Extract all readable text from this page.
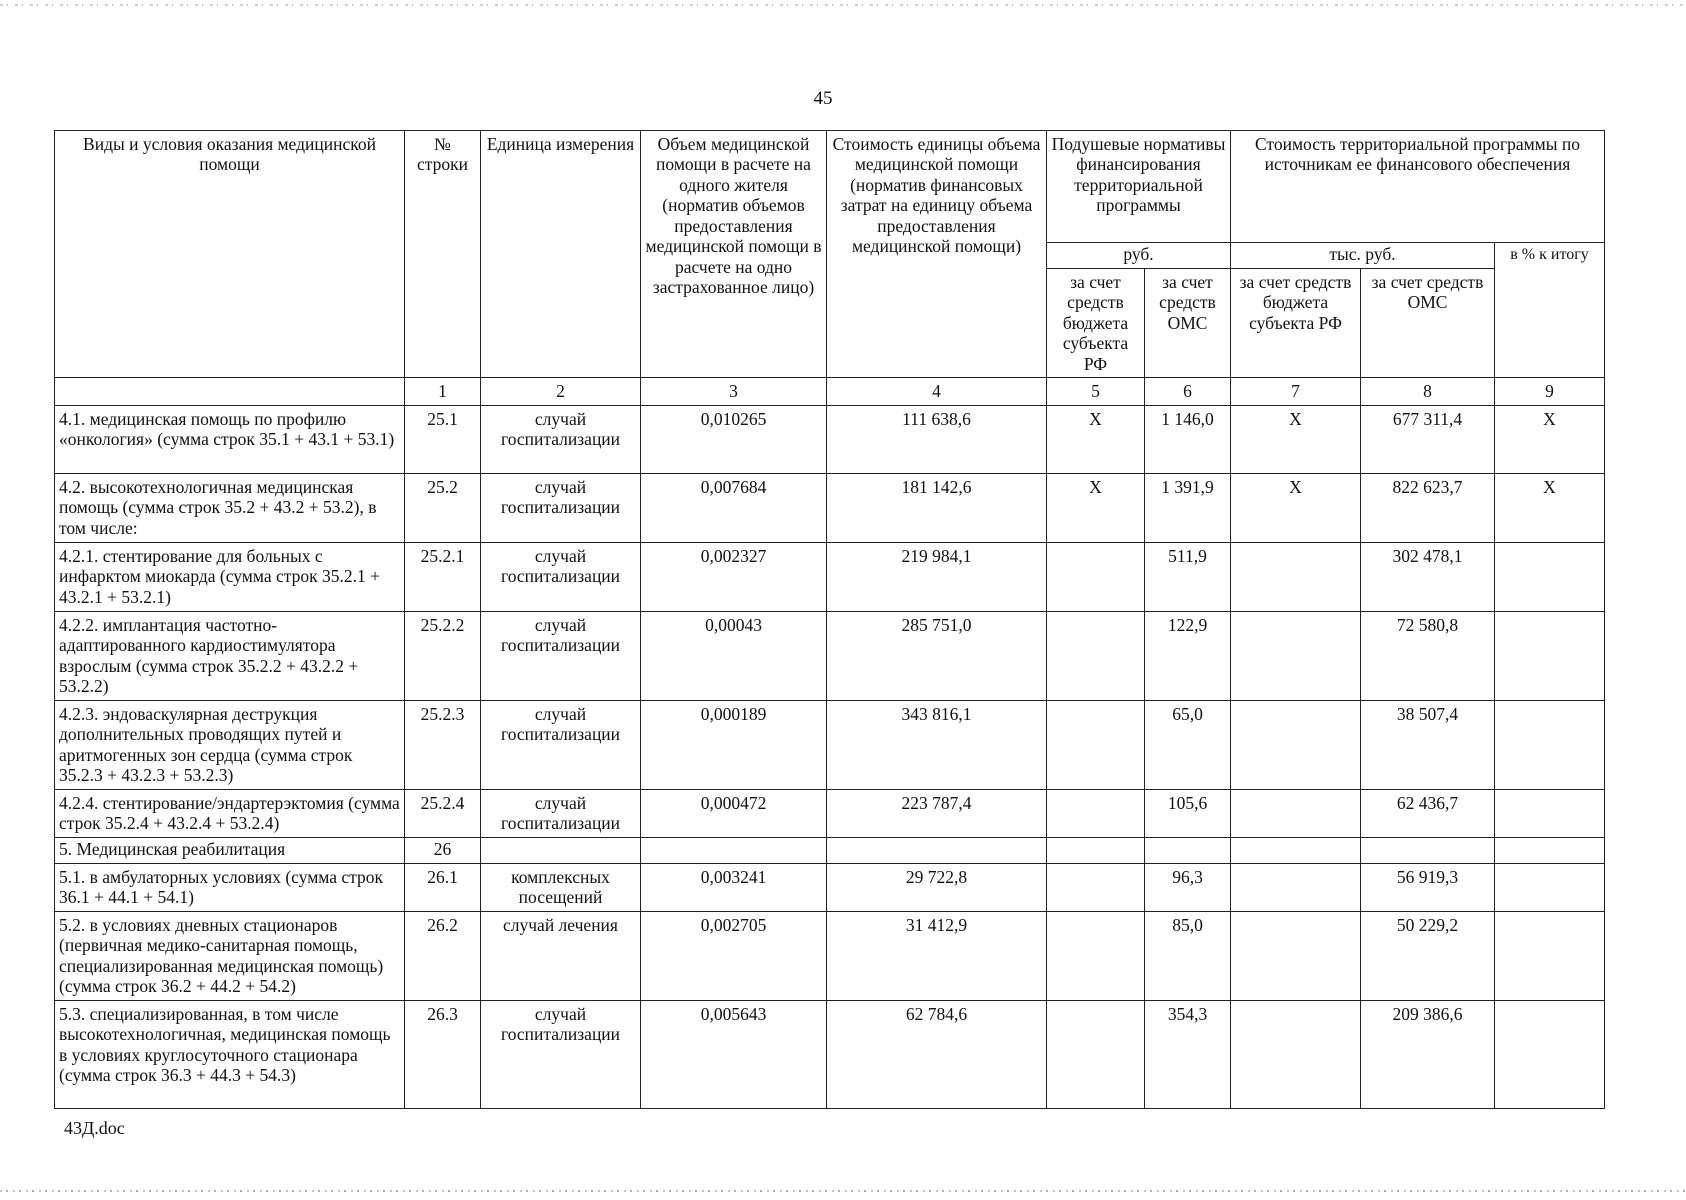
45
Виды и условия оказания медицинской помощи	№ строки	Единица измерения	Объем медицинской помощи в расчете на одного жителя (норматив объемов предоставления медицинской помощи в расчете на одно застрахованное лицо)	Стоимость единицы объема медицинской помощи (норматив финансовых затрат на единицу объема предоставления медицинской помощи)	Подушевые нормативы финансирования территориальной программы		Стоимость территориальной программы по источникам ее финансового обеспечения		
					руб.		тыс. руб.		в % к итогу
					за счет средств бюджета субъекта РФ	за счет средств ОМС	за счет средств бюджета субъекта РФ	за счет средств ОМС	
	1	2	3	4	5	6	7	8	9
4.1. медицинская помощь по профилю «онкология» (сумма строк 35.1 + 43.1 + 53.1)	25.1	случай госпитализации	0,010265	111 638,6	Х	1 146,0	Х	677 311,4	Х
4.2. высокотехнологичная медицинская помощь (сумма строк 35.2 + 43.2 + 53.2), в том числе:	25.2	случай госпитализации	0,007684	181 142,6	Х	1 391,9	Х	822 623,7	Х
4.2.1. стентирование для больных с инфарктом миокарда (сумма строк 35.2.1 + 43.2.1 + 53.2.1)	25.2.1	случай госпитализации	0,002327	219 984,1		511,9		302 478,1	
4.2.2. имплантация частотно-адаптированного кардиостимулятора взрослым (сумма строк 35.2.2 + 43.2.2 + 53.2.2)	25.2.2	случай госпитализации	0,00043	285 751,0		122,9		72 580,8	
4.2.3. эндоваскулярная деструкция дополнительных проводящих путей и аритмогенных зон сердца (сумма строк 35.2.3 + 43.2.3 + 53.2.3)	25.2.3	случай госпитализации	0,000189	343 816,1		65,0		38 507,4	
4.2.4. стентирование/эндартерэктомия (сумма строк 35.2.4 + 43.2.4 + 53.2.4)	25.2.4	случай госпитализации	0,000472	223 787,4		105,6		62 436,7	
5. Медицинская реабилитация	26								
5.1. в амбулаторных условиях (сумма строк 36.1 + 44.1 + 54.1)	26.1	комплексных посещений	0,003241	29 722,8		96,3		56 919,3	
5.2. в условиях дневных стационаров (первичная медико-санитарная помощь, специализированная медицинская помощь) (сумма строк 36.2 + 44.2 + 54.2)	26.2	случай лечения	0,002705	31 412,9		85,0		50 229,2	
5.3. специализированная, в том числе высокотехнологичная, медицинская помощь в условиях круглосуточного стационара (сумма строк 36.3 + 44.3 + 54.3)	26.3	случай госпитализации	0,005643	62 784,6		354,3		209 386,6	
43Д.doc
